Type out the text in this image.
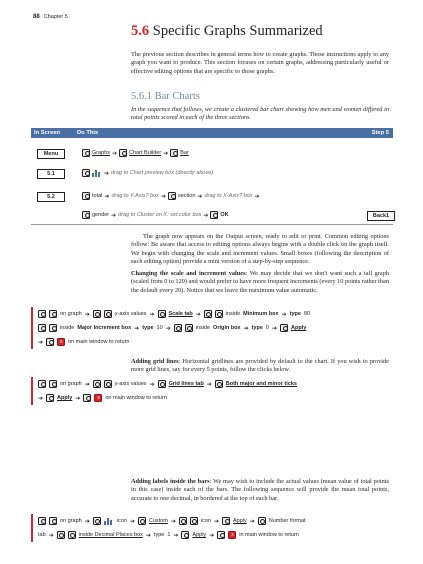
88 Chapter 5
5.6 Specific Graphs Summarized
The previous section describes in general terms how to create graphs. Those instructions apply to any graph you want to produce. This section focuses on certain graphs, addressing particularly useful or effective editing options that are specific to those graphs.
5.6.1 Bar Charts
In the sequence that follows, we create a clustered bar chart showing how men and women differed in total points scored in each of the three sections.
In Screen	Do This	Step 5
Menu	Graphs ➔ Chart Builder ➔ Bar
5.1	➔ drag to Chart preview box (directly above)
5.2	total ➔ drag to Y-Axis? box ➔ section ➔ drag to X-Axis? box ➔
gender ➔ drag to Cluster on X: set color box ➔ OK	Back1
The graph now appears on the Output screen, ready to edit or print. Common editing options follow: Be aware that access to editing options always begins with a double click on the graph itself. We begin with changing the scale and increment values. Small boxes (following the description of each editing option) provide a mini version of a step-by-step sequence.
Changing the scale and increment values: We may decide that we don't want such a tall graph (scaled from 0 to 120) and would prefer to have more frequent increments (every 10 points rather than the default every 20). Notice that we leave the maximum value automatic.
on graph ➔	y-axis values ➔	Scale tab ➔	inside Minimum box ➔ type 80
inside Major Increment box ➔ type 10 ➔	inside Origin box ➔ type 0 ➔	Apply
➔ x	on main window to return
Adding grid lines: Horizontal gridlines are provided by default to the chart. If you wish to provide more grid lines, say for every 5 points, follow the clicks below.
on graph ➔	y-axis values ➔	Grid lines tab ➔	Both major and minor ticks
➔	Apply ➔ x	on main window to return
Adding labels inside the bars: We may wish to include the actual values (mean value of total points in this case) inside each of the bars. The following sequence will provide the mean total points, accurate to one decimal, in bordered at the top of each bar.
on graph ➔	icon ➔	Custom ➔	icon ➔	Apply ➔	Number format
tab ➔	inside Decimal Places box ➔ type 1 ➔	Apply ➔ x	in main window to return
